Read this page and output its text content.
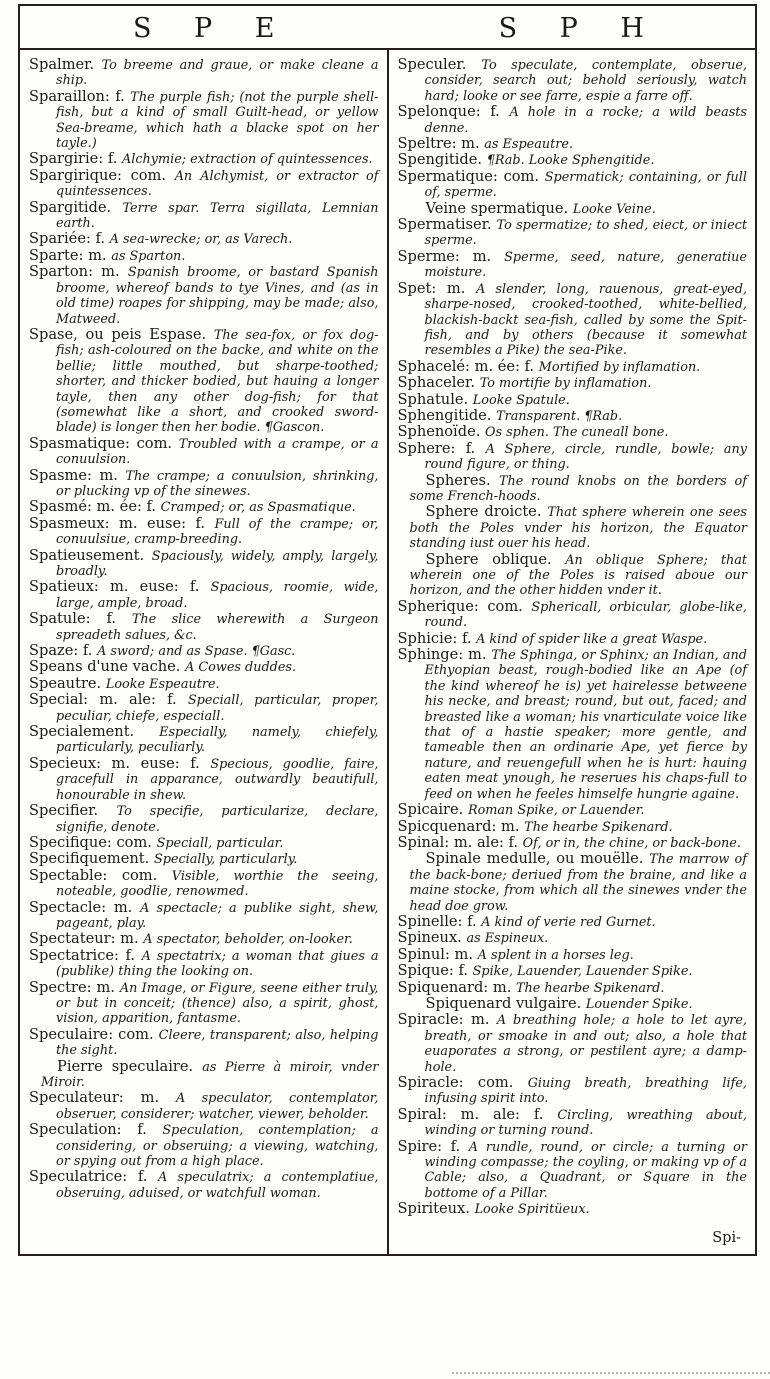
S P E	S P H
Spalmer. To breeme and graue, or make cleane a ship.
Sparaillon: f. The purple fish; (not the purple shell-fish, but a kind of small Guilt-head, or yellow Sea-breame, which hath a blacke spot on her tayle.)
Spargirie: f. Alchymie; extraction of quintessences.
Spargirique: com. An Alchymist, or extractor of quintessences.
Spargitide. Terre spar. Terra sigillata, Lemnian earth.
Spariée: f. A sea-wrecke; or, as Varech.
Sparte: m. as Sparton.
Sparton: m. Spanish broome, or bastard Spanish broome, whereof bands to tye Vines, and (as in old time) roapes for shipping, may be made; also, Matweed.
Spase, ou peis Espase. The sea-fox, or fox dog-fish; ash-coloured on the backe, and white on the bellie; little mouthed, but sharpe-toothed; shorter, and thicker bodied, but hauing a longer tayle, then any other dog-fish; for that (somewhat like a short, and crooked sword-blade) is longer then her bodie. ¶Gascon.
Spasmatique: com. Troubled with a crampe, or a conuulsion.
Spasme: m. The crampe; a conuulsion, shrinking, or plucking vp of the sinewes.
Spasmé: m. ée: f. Cramped; or, as Spasmatique.
Spasmeux: m. euse: f. Full of the crampe; or, conuulsiue, cramp-breeding.
Spatieusement. Spaciously, widely, amply, largely, broadly.
Spatieux: m. euse: f. Spacious, roomie, wide, large, ample, broad.
Spatule: f. The slice wherewith a Surgeon spreadeth salues, &c.
Spaze: f. A sword; and as Spase. ¶Gasc.
Speans d'une vache. A Cowes duddes.
Speautre. Looke Espeautre.
Special: m. ale: f. Speciall, particular, proper, peculiar, chiefe, especiall.
Specialement. Especially, namely, chiefely, particularly, peculiarly.
Specieux: m. euse: f. Specious, goodlie, faire, gracefull in apparance, outwardly beautifull, honourable in shew.
Specifier. To specifie, particularize, declare, signifie, denote.
Specifique: com. Speciall, particular.
Specifiquement. Specially, particularly.
Spectable: com. Visible, worthie the seeing, noteable, goodlie, renowmed.
Spectacle: m. A spectacle; a publike sight, shew, pageant, play.
Spectateur: m. A spectator, beholder, on-looker.
Spectatrice: f. A spectatrix; a woman that giues a (publike) thing the looking on.
Spectre: m. An Image, or Figure, seene either truly, or but in conceit; (thence) also, a spirit, ghost, vision, apparition, fantasme.
Speculaire: com. Cleere, transparent; also, helping the sight.
Pierre speculaire. as Pierre à miroir, vnder Miroir.
Speculateur: m. A speculator, contemplator, obseruer, considerer; watcher, viewer, beholder.
Speculation: f. Speculation, contemplation; a considering, or obseruing; a viewing, watching, or spying out from a high place.
Speculatrice: f. A speculatrix; a contemplatiue, obseruing, aduised, or watchfull woman.
Speculer. To speculate, contemplate, obserue, consider, search out; behold seriously, watch hard; looke or see farre, espie a farre off.
Spelonque: f. A hole in a rocke; a wild beasts denne.
Speltre: m. as Espeautre.
Spengitide. ¶Rab. Looke Sphengitide.
Spermatique: com. Spermatick; containing, or full of, sperme.
Veine spermatique. Looke Veine.
Spermatiser. To spermatize; to shed, eiect, or iniect sperme.
Sperme: m. Sperme, seed, nature, generatiue moisture.
Spet: m. A slender, long, rauenous, great-eyed, sharpe-nosed, crooked-toothed, white-bellied, blackish-backt sea-fish, called by some the Spit-fish, and by others (because it somewhat resembles a Pike) the sea-Pike.
Sphacelé: m. ée: f. Mortified by inflamation.
Sphaceler. To mortifie by inflamation.
Sphatule. Looke Spatule.
Sphengitide. Transparent. ¶Rab.
Sphenoïde. Os sphen. The cuneall bone.
Sphere: f. A Sphere, circle, rundle, bowle; any round figure, or thing.
Spheres. The round knobs on the borders of some French-hoods.
Sphere droicte. That sphere wherein one sees both the Poles vnder his horizon, the Equator standing iust ouer his head.
Sphere oblique. An oblique Sphere; that wherein one of the Poles is raised aboue our horizon, and the other hidden vnder it.
Spherique: com. Sphericall, orbicular, globe-like, round.
Sphicie: f. A kind of spider like a great Waspe.
Sphinge: m. The Sphinga, or Sphinx; an Indian, and Ethyopian beast, rough-bodied like an Ape (of the kind whereof he is) yet hairelesse betweene his necke, and breast; round, but out, faced; and breasted like a woman; his vnarticulate voice like that of a hastie speaker; more gentle, and tameable then an ordinarie Ape, yet fierce by nature, and reuengefull when he is hurt: hauing eaten meat ynough, he reserues his chaps-full to feed on when he feeles himselfe hungrie againe.
Spicaire. Roman Spike, or Lauender.
Spicquenard: m. The hearbe Spikenard.
Spinal: m. ale: f. Of, or in, the chine, or back-bone.
Spinale medulle, ou mouëlle. The marrow of the back-bone; deriued from the braine, and like a maine stocke, from which all the sinewes vnder the head doe grow.
Spinelle: f. A kind of verie red Gurnet.
Spineux. as Espineux.
Spinul: m. A splent in a horses leg.
Spique: f. Spike, Lauender, Lauender Spike.
Spiquenard: m. The hearbe Spikenard.
Spiquenard vulgaire. Louender Spike.
Spiracle: m. A breathing hole; a hole to let ayre, breath, or smoake in and out; also, a hole that euaporates a strong, or pestilent ayre; a damp-hole.
Spiracle: com. Giuing breath, breathing life, infusing spirit into.
Spiral: m. ale: f. Circling, wreathing about, winding or turning round.
Spire: f. A rundle, round, or circle; a turning or winding compasse; the coyling, or making vp of a Cable; also, a Quadrant, or Square in the bottome of a Pillar.
Spiriteux. Looke Spiritüeux.
Spi-
